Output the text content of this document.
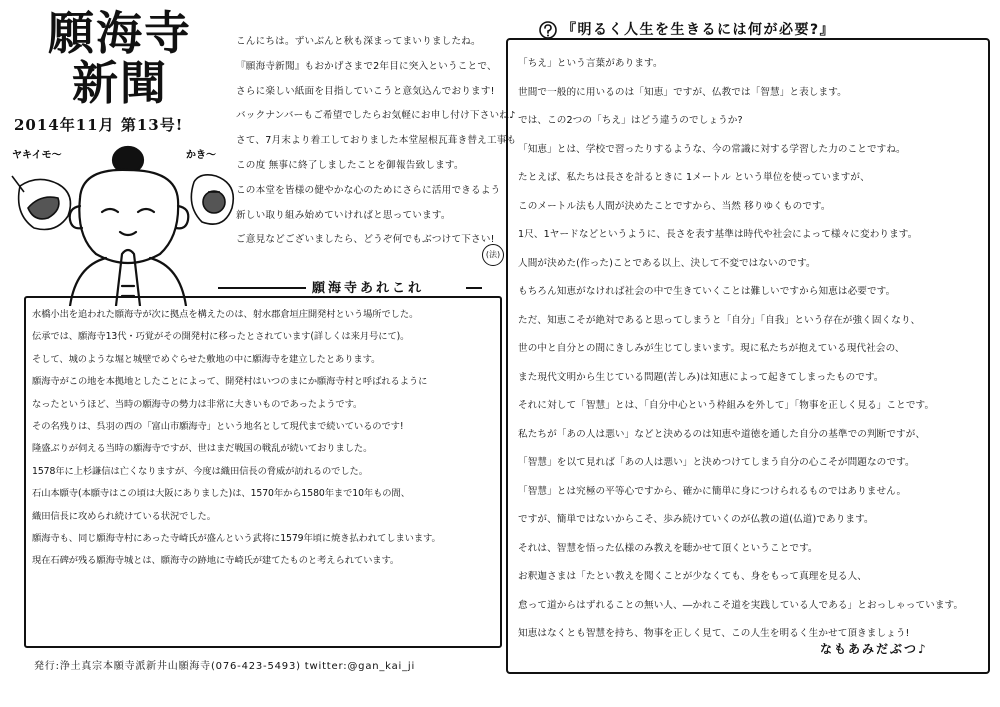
願海寺
新聞
2014年11月 第13号!
ヤキイモ〜	かき〜

こんにちは。ずいぶんと秋も深まってまいりましたね。

『願海寺新聞』もおかげさまで2年目に突入ということで、

さらに楽しい紙面を目指していこうと意気込んでおります!

バックナンバーもご希望でしたらお気軽にお申し付け下さいね♪

さて、7月末より着工しておりました本堂屋根瓦葺き替え工事も

この度 無事に終了しましたことを御報告致します。

この本堂を皆様の健やかな心のためにさらに活用できるよう

新しい取り組み始めていければと思っています。

ご意見などございましたら、どうぞ何でもぶつけて下さい!

(法)
願海寺あれこれ

水橋小出を追われた願海寺が次に拠点を構えたのは、射水郡倉垣庄開発村という場所でした。

伝承では、願海寺13代・巧覚がその開発村に移ったとされています(詳しくは来月号にて)。

そして、城のような堀と城壁でめぐらせた敷地の中に願海寺を建立したとあります。

願海寺がこの地を本拠地としたことによって、開発村はいつのまにか願海寺村と呼ばれるように

なったというほど、当時の願海寺の勢力は非常に大きいものであったようです。

その名残りは、呉羽の西の「富山市願海寺」という地名として現代まで続いているのです!

隆盛ぶりが伺える当時の願海寺ですが、世はまだ戦国の戦乱が続いておりました。

1578年に上杉謙信は亡くなりますが、今度は織田信長の脅威が訪れるのでした。

石山本願寺(本願寺はこの頃は大阪にありました)は、1570年から1580年まで10年もの間、

織田信長に攻められ続けている状況でした。

願海寺も、同じ願海寺村にあった寺崎氏が盛んという武将に1579年頃に焼き払われてしまいます。

現在石碑が残る願海寺城とは、願海寺の跡地に寺崎氏が建てたものと考えられています。

発行:浄土真宗本願寺派新井山願海寺(076-423-5493) twitter:@gan_kai_ji
『明るく人生を生きるには何が必要?』

「ちえ」という言葉があります。

世間で一般的に用いるのは「知恵」ですが、仏教では「智慧」と表します。

では、この2つの「ちえ」はどう違うのでしょうか?

「知恵」とは、学校で習ったりするような、今の常識に対する学習した力のことですね。

たとえば、私たちは長さを計るときに 1メートル という単位を使っていますが、

このメートル法も人間が決めたことですから、当然 移りゆくものです。

1尺、1ヤードなどというように、長さを表す基準は時代や社会によって様々に変わります。

人間が決めた(作った)ことである以上、決して不変ではないのです。

もちろん知恵がなければ社会の中で生きていくことは難しいですから知恵は必要です。

ただ、知恵こそが絶対であると思ってしまうと「自分」「自我」という存在が強く固くなり、

世の中と自分との間にきしみが生じてしまいます。現に私たちが抱えている現代社会の、

また現代文明から生じている問題(苦しみ)は知恵によって起きてしまったものです。

それに対して「智慧」とは、「自分中心という枠組みを外して」「物事を正しく見る」ことです。

私たちが「あの人は悪い」などと決めるのは知恵や道徳を通した自分の基準での判断ですが、

「智慧」を以て見れば「あの人は悪い」と決めつけてしまう自分の心こそが問題なのです。

「智慧」とは究極の平等心ですから、確かに簡単に身につけられるものではありません。

ですが、簡単ではないからこそ、歩み続けていくのが仏教の道(仏道)であります。

それは、智慧を悟った仏様のみ教えを聴かせて頂くということです。

お釈迦さまは「たとい教えを聞くことが少なくても、身をもって真理を見る人、

怠って道からはずれることの無い人、―かれこそ道を実践している人である」とおっしゃっています。

知恵はなくとも智慧を持ち、物事を正しく見て、この人生を明るく生かせて頂きましょう!

なもあみだぶつ♪
